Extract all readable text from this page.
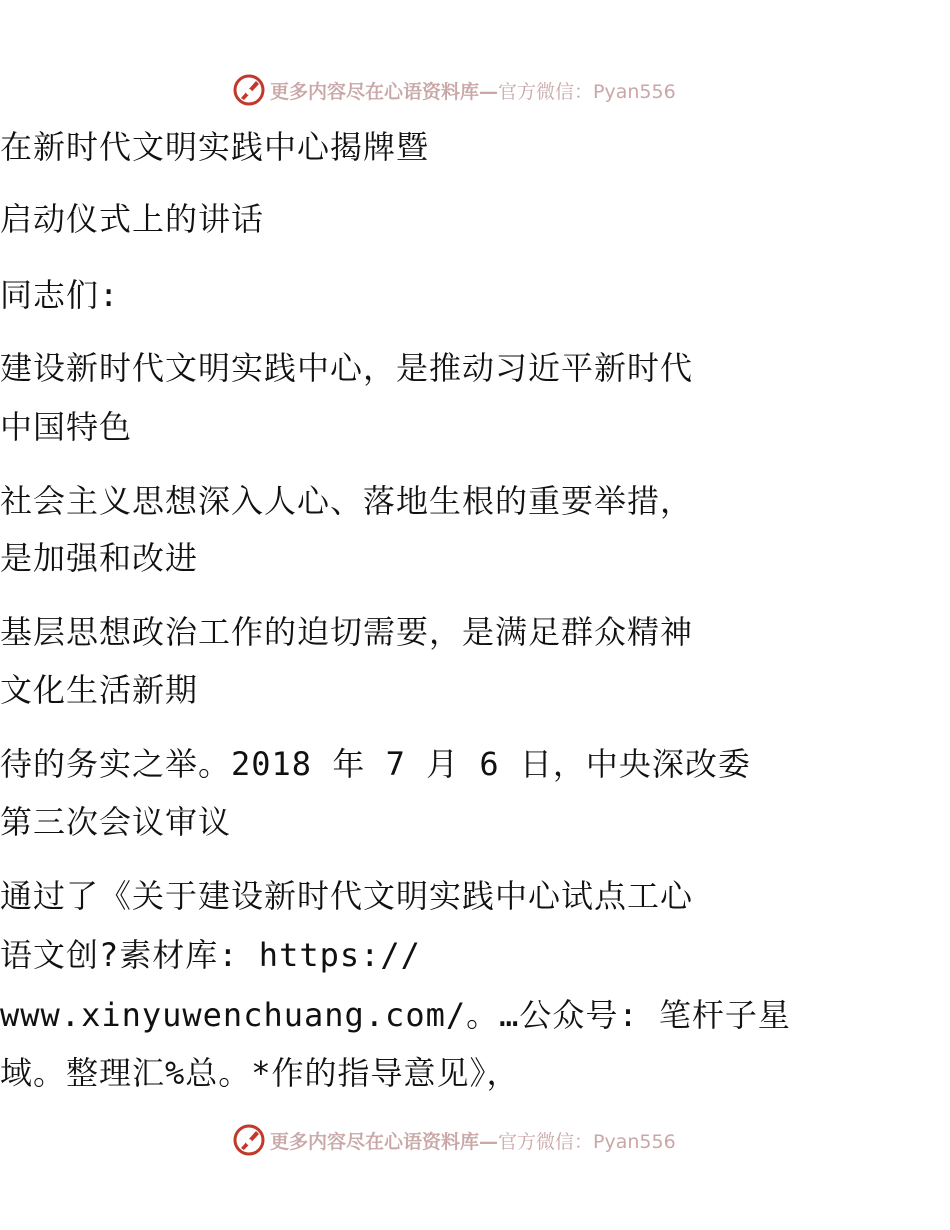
更多内容尽在心语资料库— 官方微信：Pyan556
在新时代文明实践中心揭牌暨
启动仪式上的讲话
同志们:
建设新时代文明实践中心，是推动习近平新时代
中国特色
社会主义思想深入人心、落地生根的重要举措，
是加强和改进
基层思想政治工作的迫切需要，是满足群众精神
文化生活新期
待的务实之举。2018 年 7 月 6 日，中央深改委
第三次会议审议
通过了《关于建设新时代文明实践中心试点工心
语文创?素材库: https://
www.xinyuwenchuang.com/。…公众号: 笔杆子星
域。整理汇%总。*作的指导意见》，
更多内容尽在心语资料库— 官方微信：Pyan556
